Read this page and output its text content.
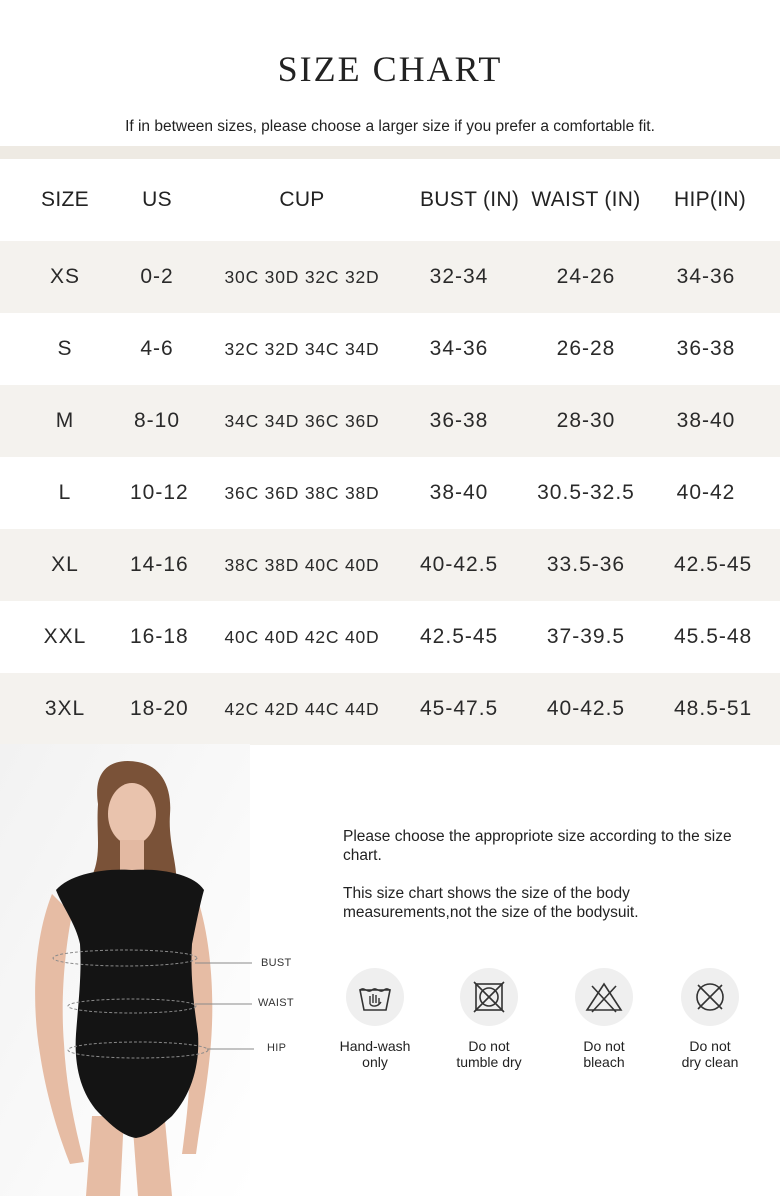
SIZE CHART
If in between sizes, please choose a larger size if you prefer a comfortable fit.
SIZE	US	CUP	BUST (IN) WAIST (IN)	HIP(IN)
XS	0-2	30C 30D 32C 32D	32-34	24-26	34-36
S	4-6	32C 32D 34C 34D	34-36	26-28	36-38
M	8-10	34C 34D 36C 36D	36-38	28-30	38-40
L	10-12	36C 36D 38C 38D	38-40	30.5-32.5	40-42
XL	14-16	38C 38D 40C 40D	40-42.5	33.5-36	42.5-45
XXL	16-18	40C 40D 42C 40D	42.5-45	37-39.5	45.5-48
3XL	18-20	42C 42D 44C 44D	45-47.5	40-42.5	48.5-51
BUST
WAIST
HIP

Please choose the appropriote size according to the size chart.

This size chart shows the size of the body measurements,not the size of the bodysuit.

Hand-wash
only
Do not
tumble dry
Do not
bleach
Do not
dry clean
